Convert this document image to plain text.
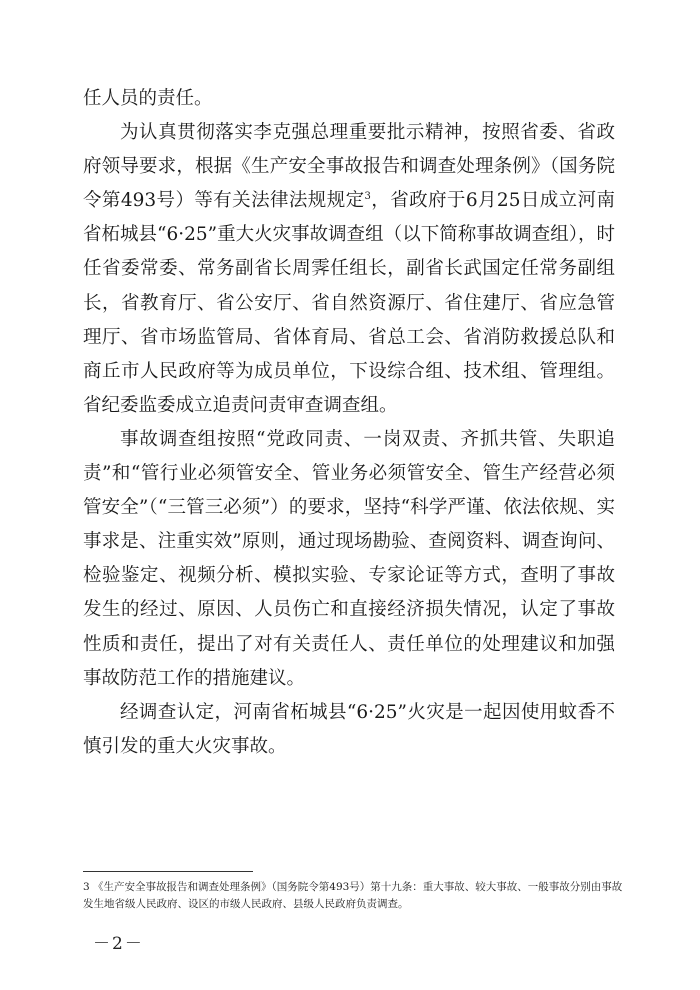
任人员的责任。

为认真贯彻落实李克强总理重要批示精神，按照省委、省政府领导要求，根据《生产安全事故报告和调查处理条例》（国务院令第493号）等有关法律法规规定$^3$，省政府于6月25日成立河南省柘城县“6·25”重大火灾事故调查组（以下简称事故调查组），时任省委常委、常务副省长周霁任组长，副省长武国定任常务副组长，省教育厅、省公安厅、省自然资源厅、省住建厅、省应急管理厅、省市场监管局、省体育局、省总工会、省消防救援总队和商丘市人民政府等为成员单位，下设综合组、技术组、管理组。省纪委监委成立追责问责审查调查组。

事故调查组按照“党政同责、一岗双责、齐抓共管、失职追责”和“管行业必须管安全、管业务必须管安全、管生产经营必须管安全”（“三管三必须”）的要求，坚持“科学严谨、依法依规、实事求是、注重实效”原则，通过现场勘验、查阅资料、调查询问、检验鉴定、视频分析、模拟实验、专家论证等方式，查明了事故发生的经过、原因、人员伤亡和直接经济损失情况，认定了事故性质和责任，提出了对有关责任人、责任单位的处理建议和加强事故防范工作的措施建议。

经调查认定，河南省柘城县“6·25”火灾是一起因使用蚊香不慎引发的重大火灾事故。

3 《生产安全事故报告和调查处理条例》（国务院令第493号）第十九条：重大事故、较大事故、一般事故分别由事故发生地省级人民政府、设区的市级人民政府、县级人民政府负责调查。
－2－
